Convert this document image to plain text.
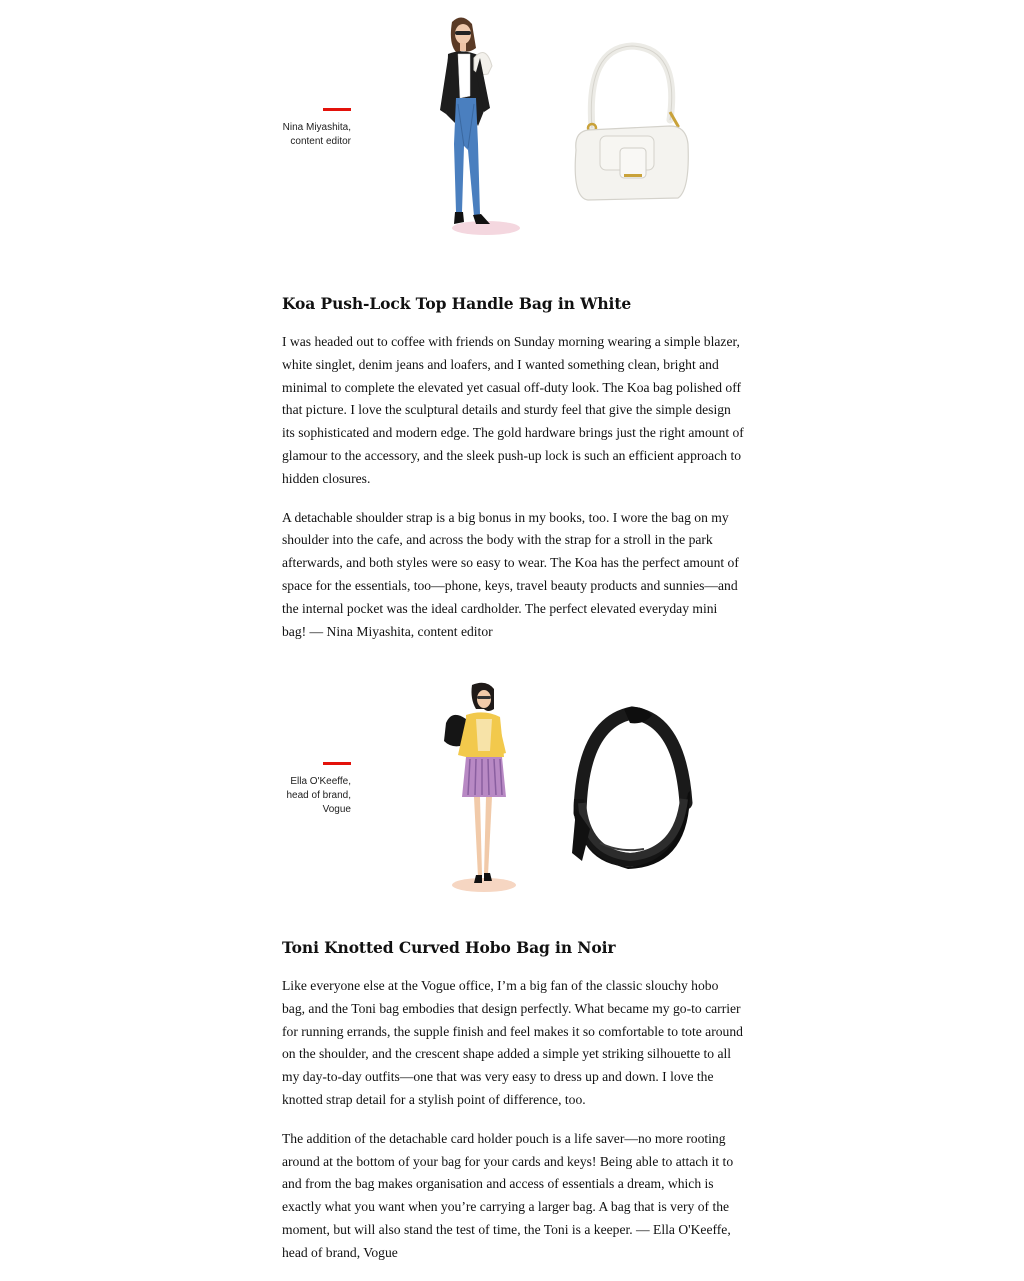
Nina Miyashita,
content editor
Koa Push-Lock Top Handle Bag in White

I was headed out to coffee with friends on Sunday morning wearing a simple blazer, white singlet, denim jeans and loafers, and I wanted something clean, bright and minimal to complete the elevated yet casual off-duty look. The Koa bag polished off that picture. I love the sculptural details and sturdy feel that give the simple design its sophisticated and modern edge. The gold hardware brings just the right amount of glamour to the accessory, and the sleek push-up lock is such an efficient approach to hidden closures.

A detachable shoulder strap is a big bonus in my books, too. I wore the bag on my shoulder into the cafe, and across the body with the strap for a stroll in the park afterwards, and both styles were so easy to wear. The Koa has the perfect amount of space for the essentials, too—phone, keys, travel beauty products and sunnies—and the internal pocket was the ideal cardholder. The perfect elevated everyday mini bag! — Nina Miyashita, content editor

Ella O'Keeffe,
head of brand,
Vogue
Toni Knotted Curved Hobo Bag in Noir

Like everyone else at the Vogue office, I’m a big fan of the classic slouchy hobo bag, and the Toni bag embodies that design perfectly. What became my go-to carrier for running errands, the supple finish and feel makes it so comfortable to tote around on the shoulder, and the crescent shape added a simple yet striking silhouette to all my day-to-day outfits—one that was very easy to dress up and down. I love the knotted strap detail for a stylish point of difference, too.

The addition of the detachable card holder pouch is a life saver—no more rooting around at the bottom of your bag for your cards and keys! Being able to attach it to and from the bag makes organisation and access of essentials a dream, which is exactly what you want when you’re carrying a larger bag. A bag that is very of the moment, but will also stand the test of time, the Toni is a keeper. — Ella O'Keeffe, head of brand, Vogue
